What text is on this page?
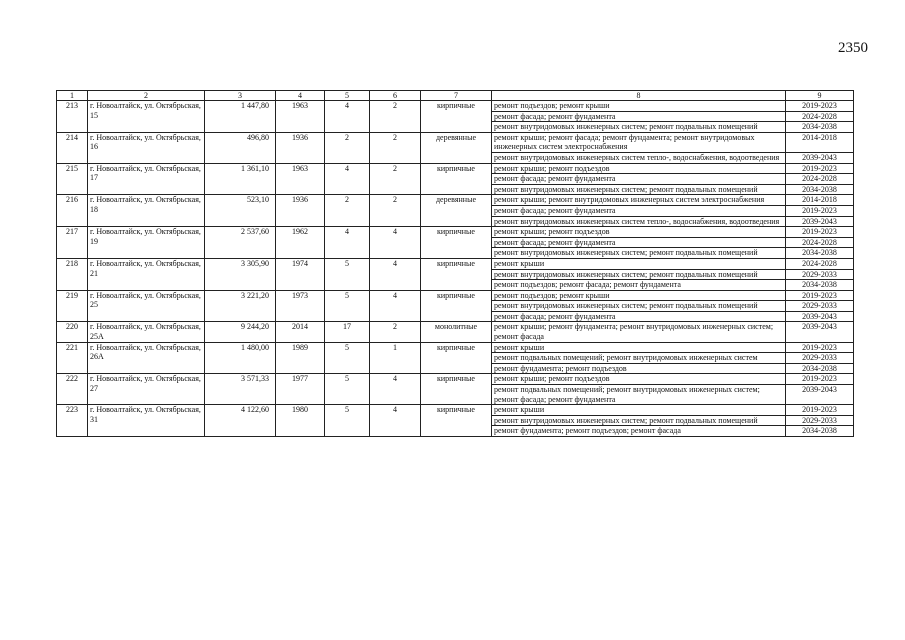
2350
1	2	3	4	5	6	7	8	9
213	г. Новоалтайск, ул. Октябрьская, 15	1 447,80	1963	4	2	кирпичные	ремонт подъездов; ремонт крыши	2019-2023
							ремонт фасада; ремонт фундамента	2024-2028
							ремонт внутридомовых инженерных систем; ремонт подвальных помещений	2034-2038
214	г. Новоалтайск, ул. Октябрьская, 16	496,80	1936	2	2	деревянные	ремонт крыши; ремонт фасада; ремонт фундамента; ремонт внутридомовых инженерных систем электроснабжения	2014-2018
							ремонт внутридомовых инженерных систем тепло-, водоснабжения, водоотведения	2039-2043
215	г. Новоалтайск, ул. Октябрьская, 17	1 361,10	1963	4	2	кирпичные	ремонт крыши; ремонт подъездов	2019-2023
							ремонт фасада; ремонт фундамента	2024-2028
							ремонт внутридомовых инженерных систем; ремонт подвальных помещений	2034-2038
216	г. Новоалтайск, ул. Октябрьская, 18	523,10	1936	2	2	деревянные	ремонт крыши; ремонт внутридомовых инженерных систем электроснабжения	2014-2018
							ремонт фасада; ремонт фундамента	2019-2023
							ремонт внутридомовых инженерных систем тепло-, водоснабжения, водоотведения	2039-2043
217	г. Новоалтайск, ул. Октябрьская, 19	2 537,60	1962	4	4	кирпичные	ремонт крыши; ремонт подъездов	2019-2023
							ремонт фасада; ремонт фундамента	2024-2028
							ремонт внутридомовых инженерных систем; ремонт подвальных помещений	2034-2038
218	г. Новоалтайск, ул. Октябрьская, 21	3 305,90	1974	5	4	кирпичные	ремонт крыши	2024-2028
							ремонт внутридомовых инженерных систем; ремонт подвальных помещений	2029-2033
							ремонт подъездов; ремонт фасада; ремонт фундамента	2034-2038
219	г. Новоалтайск, ул. Октябрьская, 25	3 221,20	1973	5	4	кирпичные	ремонт подъездов; ремонт крыши	2019-2023
							ремонт внутридомовых инженерных систем; ремонт подвальных помещений	2029-2033
							ремонт фасада; ремонт фундамента	2039-2043
220	г. Новоалтайск, ул. Октябрьская, 25А	9 244,20	2014	17	2	монолитные	ремонт крыши; ремонт фундамента; ремонт внутридомовых инженерных систем; ремонт фасада	2039-2043
221	г. Новоалтайск, ул. Октябрьская, 26А	1 480,00	1989	5	1	кирпичные	ремонт крыши	2019-2023
							ремонт подвальных помещений; ремонт внутридомовых инженерных систем	2029-2033
							ремонт фундамента; ремонт подъездов	2034-2038
222	г. Новоалтайск, ул. Октябрьская, 27	3 571,33	1977	5	4	кирпичные	ремонт крыши; ремонт подъездов	2019-2023
							ремонт подвальных помещений; ремонт внутридомовых инженерных систем; ремонт фасада; ремонт фундамента	2039-2043
223	г. Новоалтайск, ул. Октябрьская, 31	4 122,60	1980	5	4	кирпичные	ремонт крыши	2019-2023
							ремонт внутридомовых инженерных систем; ремонт подвальных помещений	2029-2033
							ремонт фундамента; ремонт подъездов; ремонт фасада	2034-2038
